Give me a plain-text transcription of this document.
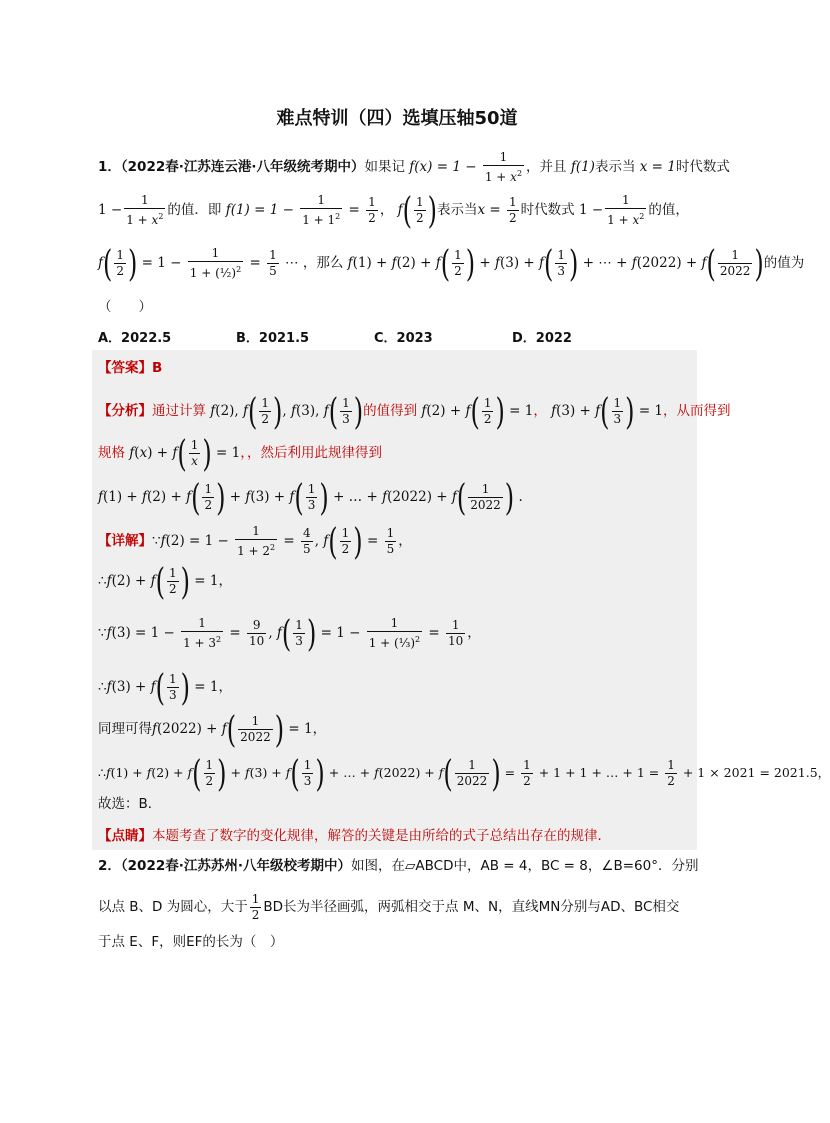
难点特训（四）选填压轴50道
1．（2022春·江苏连云港·八年级统考期中）如果记 $f(x) = 1 - \frac{1}{1 + x^2}$ ，并且 f(1)表示当 x = 1时代数式
$1 - \frac{1}{1 + x^2}$ 的值．即 $f(1) = 1 - \frac{1}{1 + 1^2} = \frac{1}{2}$ ， $f( \frac{1}{2}$ )表示当$x = \frac{1}{2}$ 时代数式 $1 - \frac{1}{1 + x^2}$ 的值，
$f( \frac{1}{2}$ ) = $1 - \frac{1}{1 + (\frac{1}{2})^2} = \frac{1}{5}$ ⋯ ，那么 $f(1) + f(2) + f( \frac{1}{2}$ ) + $f(3) + f( \frac{1}{3}$ ) + ⋯ + $f(2022) + f( \frac{1}{2022}$ )的值为
（　　）
A．2022.5	B．2021.5	C．2023	D．2022
【答案】B
【分析】通过计算 f(2), $f( \frac{1}{2}$ ), f(3), $f( \frac{1}{3}$ )的值得到 $f(2) + f( \frac{1}{2}$ ) = 1， $f(3) + f( \frac{1}{3}$ ) = 1，从而得到
规格 $f(x) + f( \frac{1}{x}$ ) = 1，，然后利用此规律得到
$f(1) + f(2) + f( \frac{1}{2}$ ) + $f(3) + f( \frac{1}{3}$ ) + … + $f(2022) + f( \frac{1}{2022}$ ) .
【详解】∵f(2) = $1 - \frac{1}{1 + 2^2} = \frac{4}{5}$ , $f( \frac{1}{2}$ ) = $\frac{1}{5}$ ，
∴f(2) + $f( \frac{1}{2}$ ) = 1，
∵f(3) = $1 - \frac{1}{1 + 3^2} = \frac{9}{10}$ , $f( \frac{1}{3}$ ) = $1 - \frac{1}{1 + (\frac{1}{3})^2} = \frac{1}{10}$ ，
∴f(3) + $f( \frac{1}{3}$ ) = 1，
同理可得$f(2022) + f( \frac{1}{2022}$ ) = 1，
∴f(1) + $f(2) + f( \frac{1}{2}$ ) + $f(3) + f( \frac{1}{3}$ ) + … + $f(2022) + f( \frac{1}{2022}$ ) = $\frac{1}{2} + 1 + 1$ + … + $1 = \frac{1}{2} + 1 \times 2021 = 2021.5$，
故选：B．
【点睛】本题考查了数字的变化规律，解答的关键是由所给的式子总结出存在的规律．
2．（2022春·江苏苏州·八年级校考期中）如图，在▱ABCD中，AB = 4，BC = 8，∠B=60°．分别
以点 B、D 为圆心，大于 $\frac{1}{2}$ BD长为半径画弧，两弧相交于点 M、N，直线MN分别与AD、BC相交
于点 E、F，则EF的长为（　）
